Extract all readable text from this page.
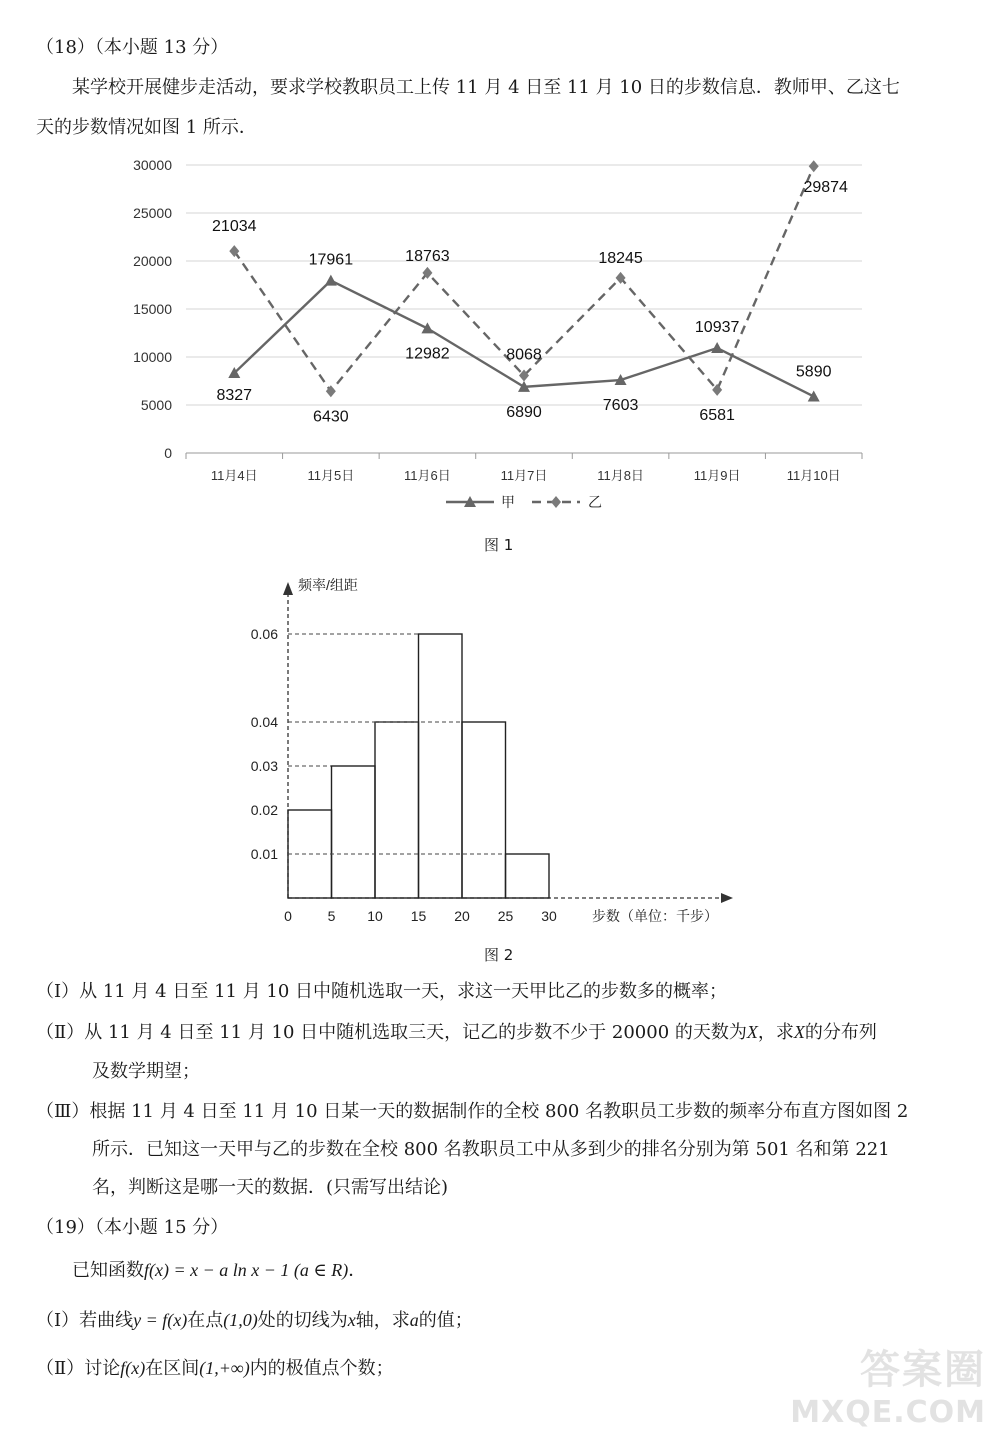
（18）（本小题 13 分）
某学校开展健步走活动，要求学校教职员工上传 11 月 4 日至 11 月 10 日的步数信息．教师甲、乙这七
天的步数情况如图 1 所示．
0
5000
10000
15000
20000
25000
30000
11月4日	11月5日	11月6日	11月7日	11月8日	11月9日	11月10日
8327
17961
12982
6890	7603
10937
5890
21034
6430
18763
8068
18245
6581
29874
甲	乙
图 1
频率/组距
步数（单位：千步）
0.01
0.02
0.03
0.04
0.06
0	5 10 15 20 25 30
图 2
（Ⅰ）从 11 月 4 日至 11 月 10 日中随机选取一天，求这一天甲比乙的步数多的概率；
（Ⅱ）从 11 月 4 日至 11 月 10 日中随机选取三天，记乙的步数不少于 20000 的天数为X，求X的分布列
及数学期望；
（Ⅲ）根据 11 月 4 日至 11 月 10 日某一天的数据制作的全校 800 名教职员工步数的频率分布直方图如图 2
所示．已知这一天甲与乙的步数在全校 800 名教职员工中从多到少的排名分别为第 501 名和第 221
名，判断这是哪一天的数据．(只需写出结论)
（19）（本小题 15 分）
已知函数f(x) = x − a ln x − 1 (a ∈ R)．
（Ⅰ）若曲线y = f(x)在点(1,0)处的切线为x轴，求a的值；
（Ⅱ）讨论f(x)在区间(1,+∞)内的极值点个数；	答案圈
MXQE.COM
